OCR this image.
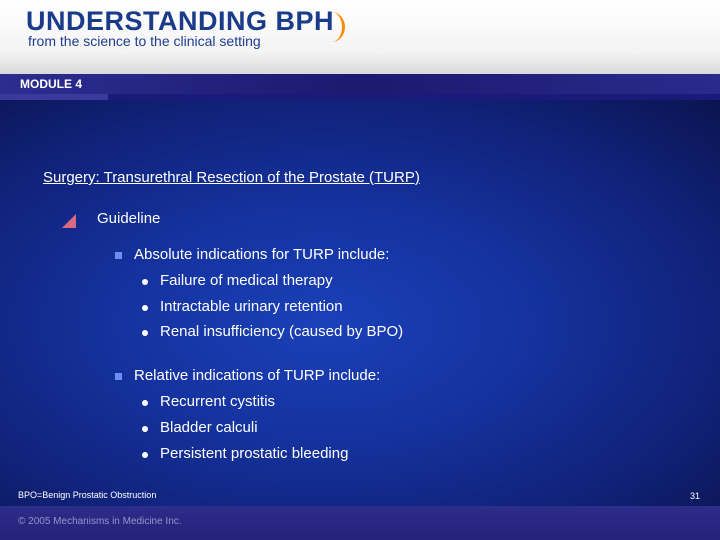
UNDERSTANDING BPH
from the science to the clinical setting
MODULE 4
Surgery: Transurethral Resection of the Prostate (TURP)
Guideline
Absolute indications for TURP include:
Failure of medical therapy
Intractable urinary retention
Renal insufficiency (caused by BPO)
Relative indications of TURP include:
Recurrent cystitis
Bladder calculi
Persistent prostatic bleeding
BPO=Benign Prostatic Obstruction	31
© 2005 Mechanisms in Medicine Inc.
